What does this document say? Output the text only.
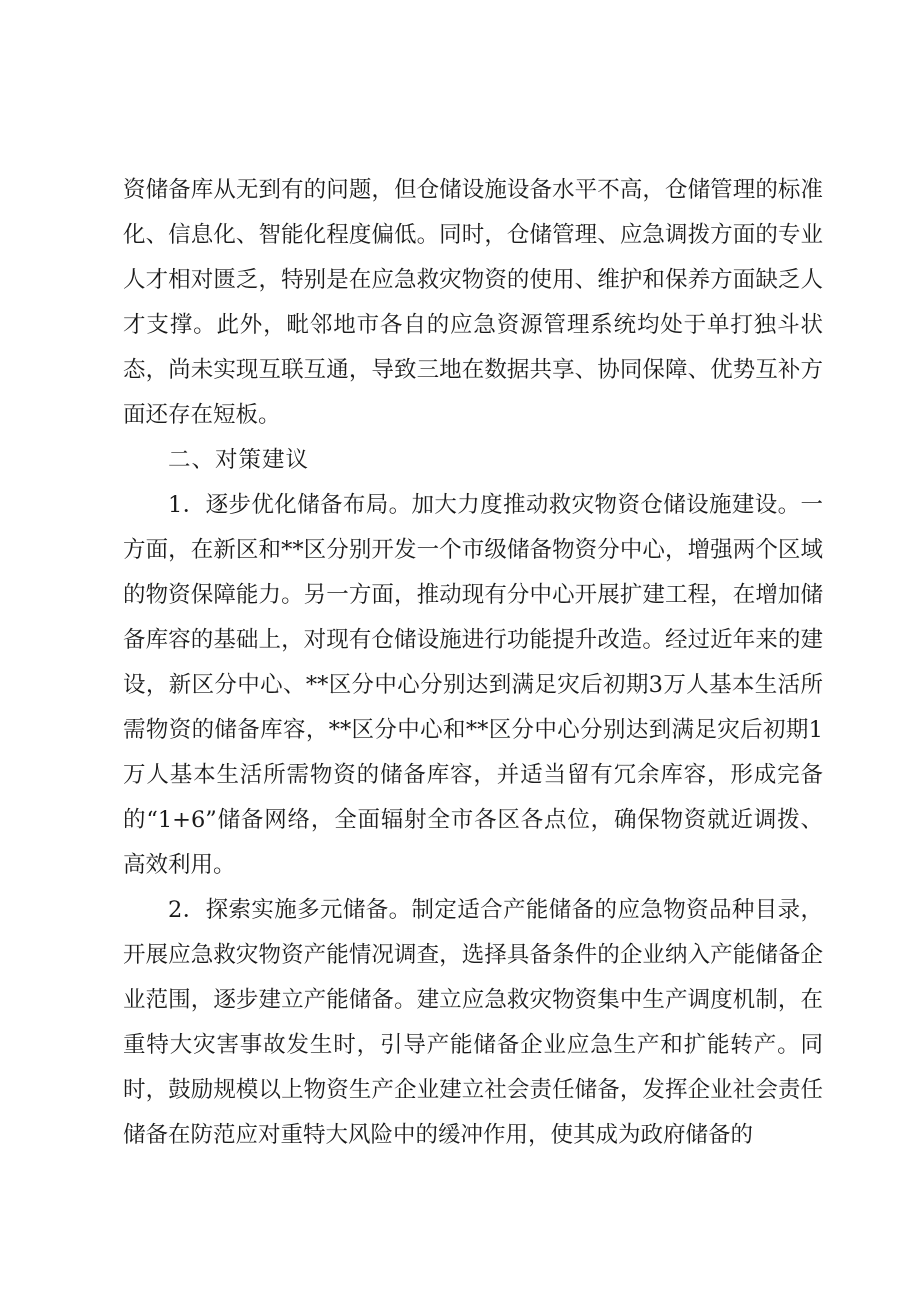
资储备库从无到有的问题，但仓储设施设备水平不高，仓储管理的标准化、信息化、智能化程度偏低。同时，仓储管理、应急调拨方面的专业人才相对匮乏，特别是在应急救灾物资的使用、维护和保养方面缺乏人才支撑。此外，毗邻地市各自的应急资源管理系统均处于单打独斗状态，尚未实现互联互通，导致三地在数据共享、协同保障、优势互补方面还存在短板。

二、对策建议

1．逐步优化储备布局。加大力度推动救灾物资仓储设施建设。一方面，在新区和**区分别开发一个市级储备物资分中心，增强两个区域的物资保障能力。另一方面，推动现有分中心开展扩建工程，在增加储备库容的基础上，对现有仓储设施进行功能提升改造。经过近年来的建设，新区分中心、**区分中心分别达到满足灾后初期3万人基本生活所需物资的储备库容，**区分中心和**区分中心分别达到满足灾后初期1万人基本生活所需物资的储备库容，并适当留有冗余库容，形成完备的“1+6”储备网络，全面辐射全市各区各点位，确保物资就近调拨、高效利用。

2．探索实施多元储备。制定适合产能储备的应急物资品种目录，开展应急救灾物资产能情况调查，选择具备条件的企业纳入产能储备企业范围，逐步建立产能储备。建立应急救灾物资集中生产调度机制，在重特大灾害事故发生时，引导产能储备企业应急生产和扩能转产。同时，鼓励规模以上物资生产企业建立社会责任储备，发挥企业社会责任储备在防范应对重特大风险中的缓冲作用，使其成为政府储备的
